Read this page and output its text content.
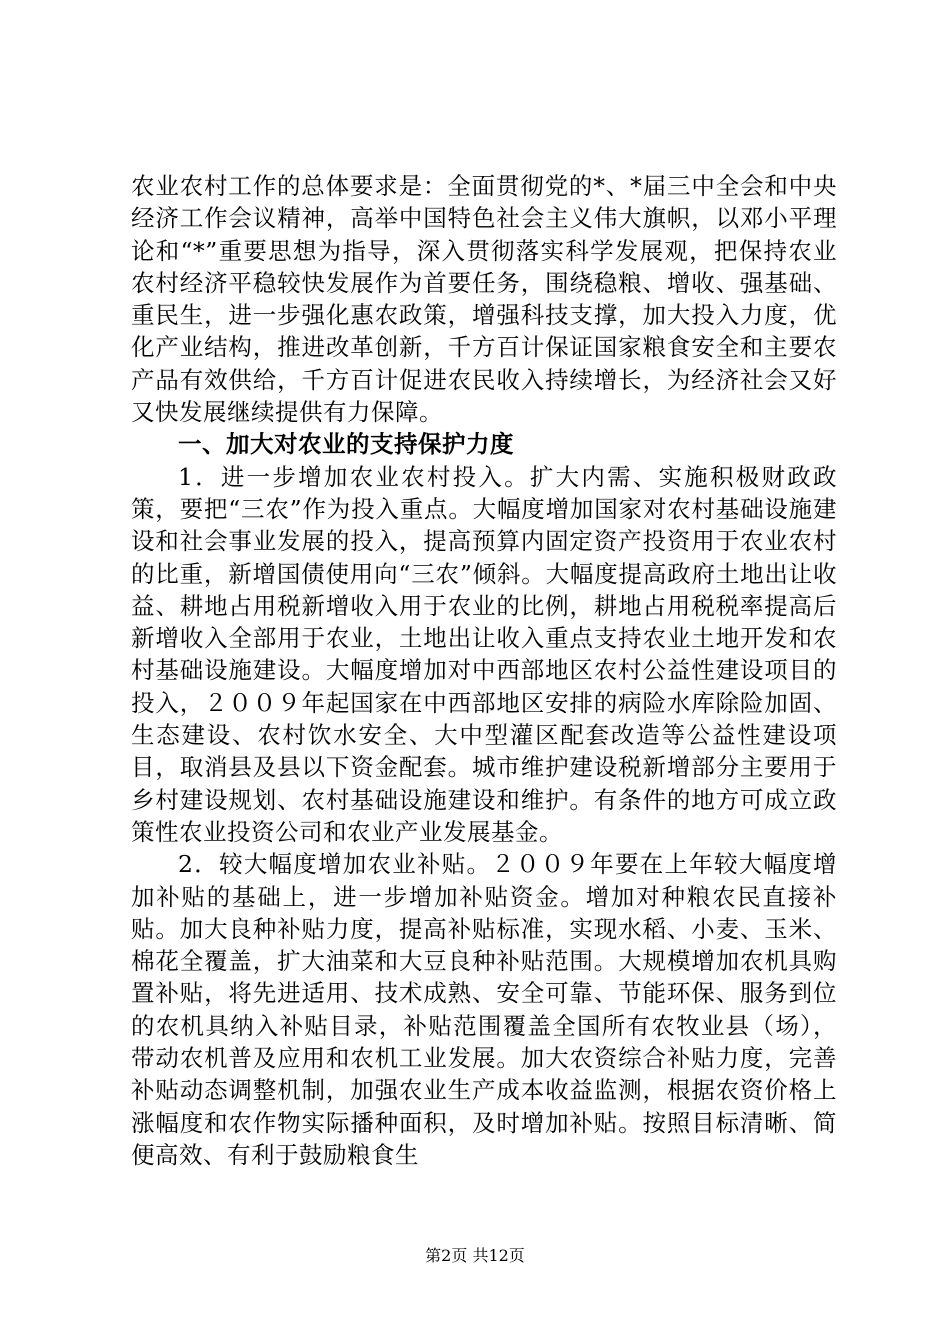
农业农村工作的总体要求是：全面贯彻党的*、*届三中全会和中央经济工作会议精神，高举中国特色社会主义伟大旗帜，以邓小平理论和“*”重要思想为指导，深入贯彻落实科学发展观，把保持农业农村经济平稳较快发展作为首要任务，围绕稳粮、增收、强基础、重民生，进一步强化惠农政策，增强科技支撑，加大投入力度，优化产业结构，推进改革创新，千方百计保证国家粮食安全和主要农产品有效供给，千方百计促进农民收入持续增长，为经济社会又好又快发展继续提供有力保障。

一、加大对农业的支持保护力度

1．进一步增加农业农村投入。扩大内需、实施积极财政政策，要把“三农”作为投入重点。大幅度增加国家对农村基础设施建设和社会事业发展的投入，提高预算内固定资产投资用于农业农村的比重，新增国债使用向“三农”倾斜。大幅度提高政府土地出让收益、耕地占用税新增收入用于农业的比例，耕地占用税税率提高后新增收入全部用于农业，土地出让收入重点支持农业土地开发和农村基础设施建设。大幅度增加对中西部地区农村公益性建设项目的投入，２００９年起国家在中西部地区安排的病险水库除险加固、生态建设、农村饮水安全、大中型灌区配套改造等公益性建设项目，取消县及县以下资金配套。城市维护建设税新增部分主要用于乡村建设规划、农村基础设施建设和维护。有条件的地方可成立政策性农业投资公司和农业产业发展基金。

2．较大幅度增加农业补贴。２００９年要在上年较大幅度增加补贴的基础上，进一步增加补贴资金。增加对种粮农民直接补贴。加大良种补贴力度，提高补贴标准，实现水稻、小麦、玉米、棉花全覆盖，扩大油菜和大豆良种补贴范围。大规模增加农机具购置补贴，将先进适用、技术成熟、安全可靠、节能环保、服务到位的农机具纳入补贴目录，补贴范围覆盖全国所有农牧业县（场），带动农机普及应用和农机工业发展。加大农资综合补贴力度，完善补贴动态调整机制，加强农业生产成本收益监测，根据农资价格上涨幅度和农作物实际播种面积，及时增加补贴。按照目标清晰、简便高效、有利于鼓励粮食生

第2页 共12页
